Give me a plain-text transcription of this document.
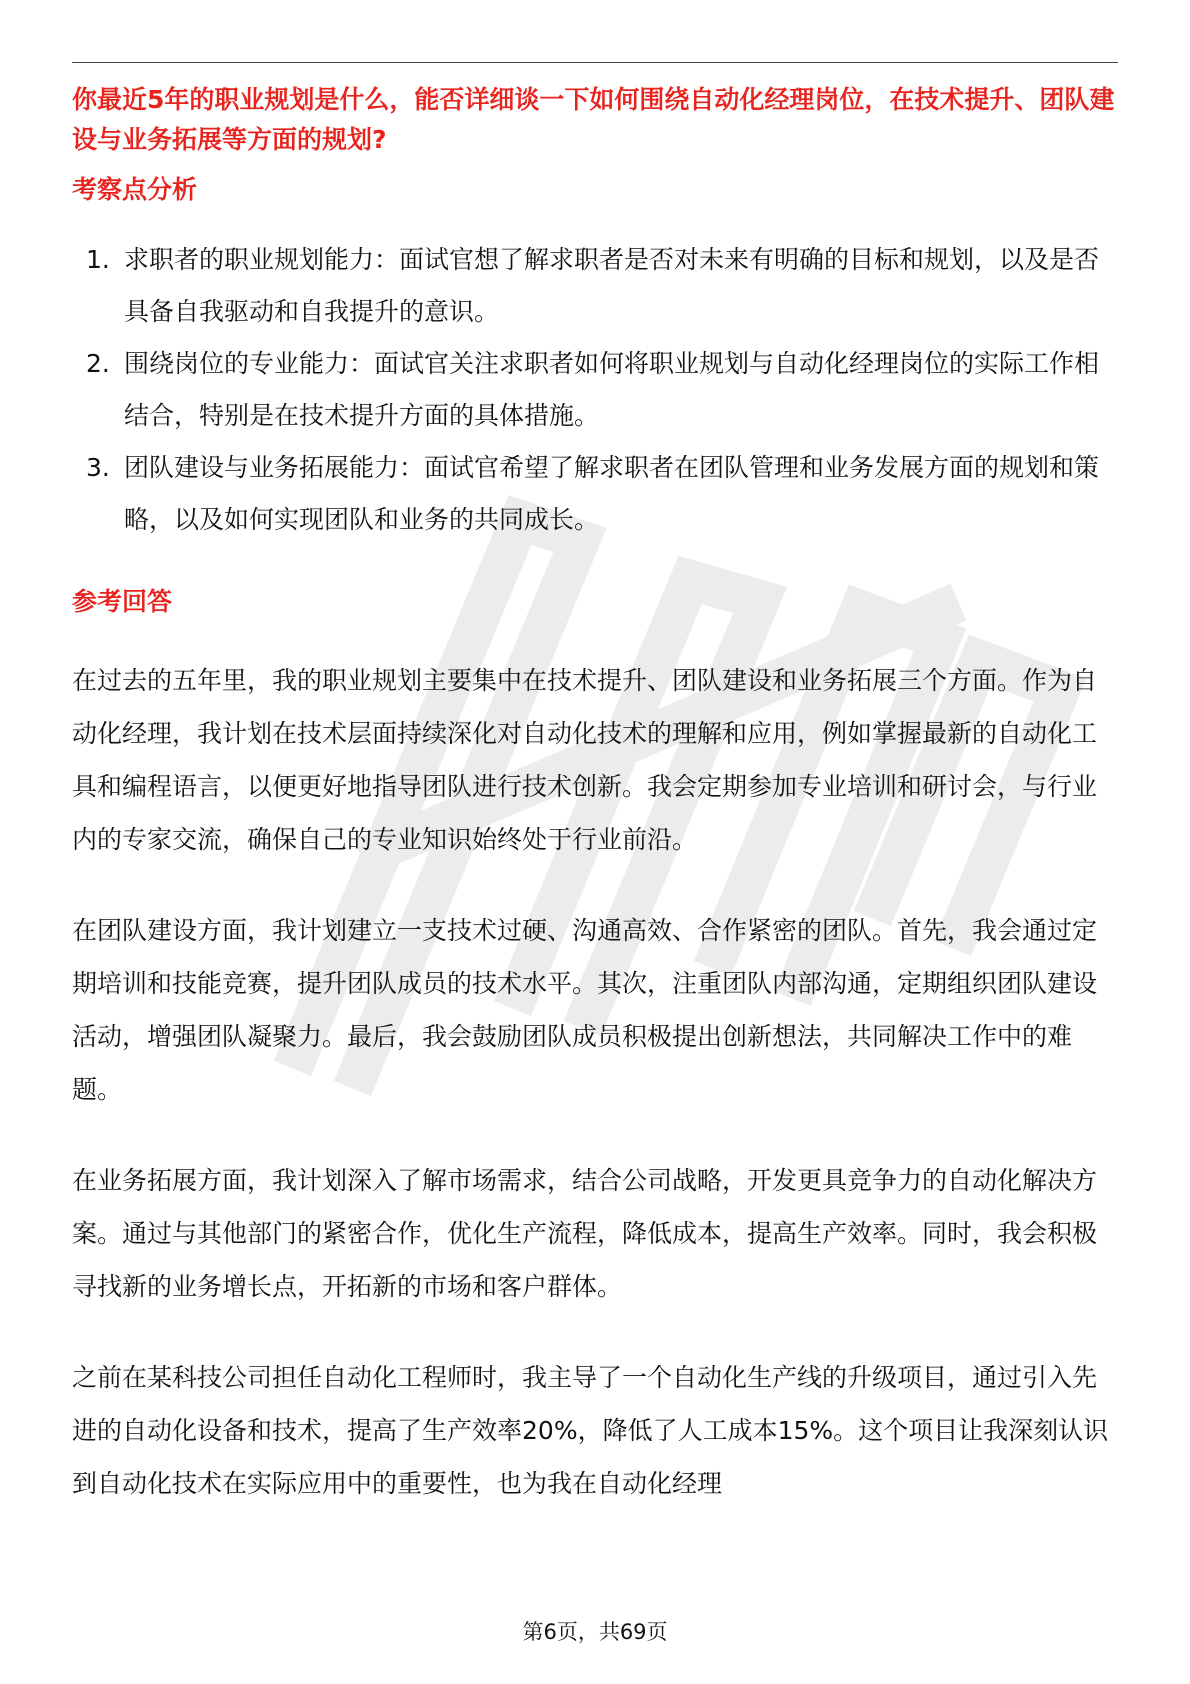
你最近5年的职业规划是什么，能否详细谈一下如何围绕自动化经理岗位，在技术提升、团队建设与业务拓展等方面的规划?

考察点分析
1. 求职者的职业规划能力：面试官想了解求职者是否对未来有明确的目标和规划，以及是否具备自我驱动和自我提升的意识。
2. 围绕岗位的专业能力：面试官关注求职者如何将职业规划与自动化经理岗位的实际工作相结合，特别是在技术提升方面的具体措施。
3. 团队建设与业务拓展能力：面试官希望了解求职者在团队管理和业务发展方面的规划和策略，以及如何实现团队和业务的共同成长。
参考回答

在过去的五年里，我的职业规划主要集中在技术提升、团队建设和业务拓展三个方面。作为自动化经理，我计划在技术层面持续深化对自动化技术的理解和应用，例如掌握最新的自动化工具和编程语言，以便更好地指导团队进行技术创新。我会定期参加专业培训和研讨会，与行业内的专家交流，确保自己的专业知识始终处于行业前沿。

在团队建设方面，我计划建立一支技术过硬、沟通高效、合作紧密的团队。首先，我会通过定期培训和技能竞赛，提升团队成员的技术水平。其次，注重团队内部沟通，定期组织团队建设活动，增强团队凝聚力。最后，我会鼓励团队成员积极提出创新想法，共同解决工作中的难题。

在业务拓展方面，我计划深入了解市场需求，结合公司战略，开发更具竞争力的自动化解决方案。通过与其他部门的紧密合作，优化生产流程，降低成本，提高生产效率。同时，我会积极寻找新的业务增长点，开拓新的市场和客户群体。

之前在某科技公司担任自动化工程师时，我主导了一个自动化生产线的升级项目，通过引入先进的自动化设备和技术，提高了生产效率20%，降低了人工成本15%。这个项目让我深刻认识到自动化技术在实际应用中的重要性，也为我在自动化经理

第6页，共69页
